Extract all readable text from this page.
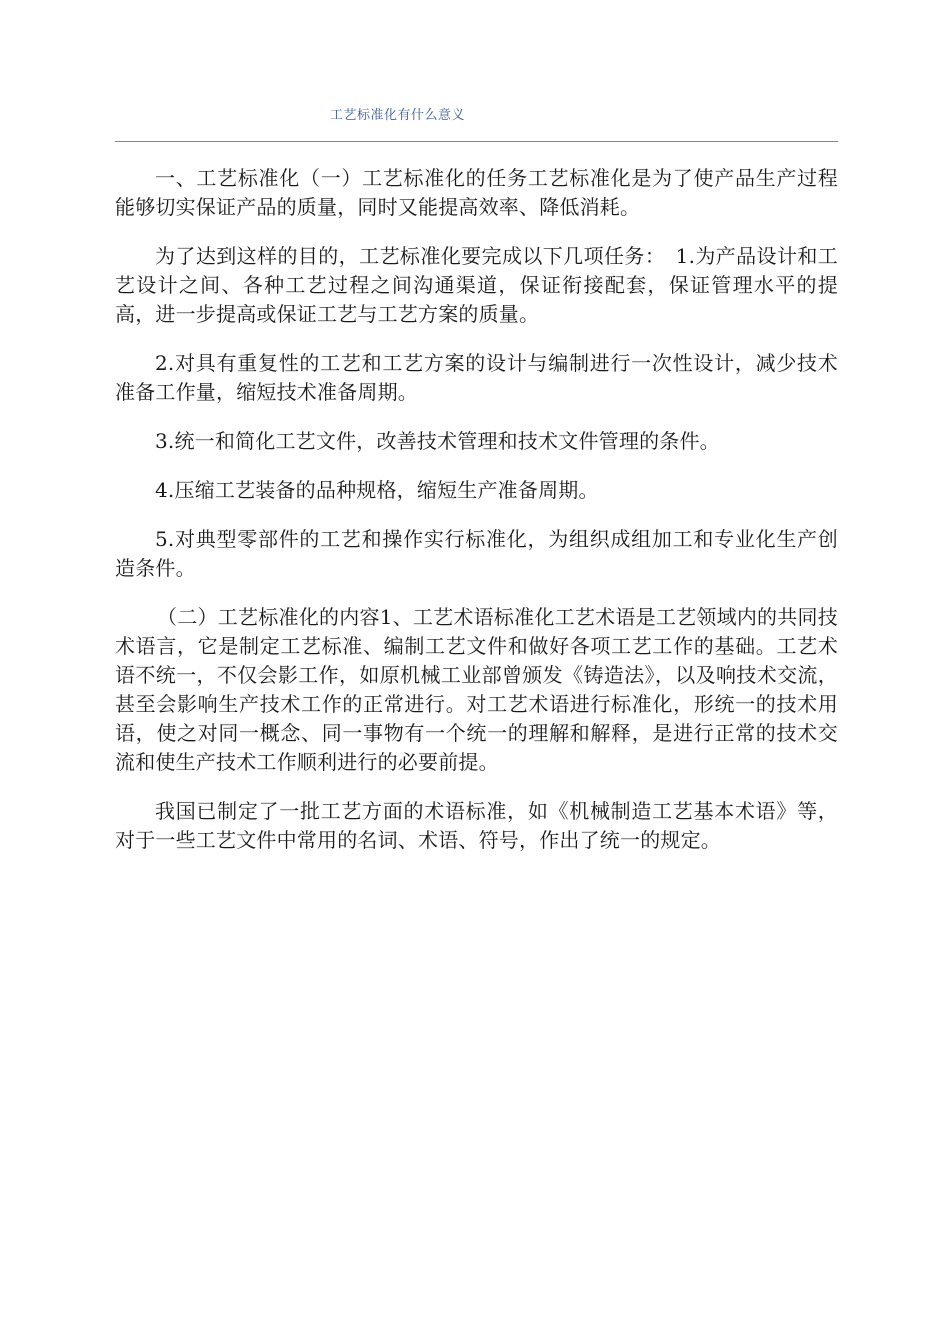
工艺标准化有什么意义

一、工艺标准化（一）工艺标准化的任务工艺标准化是为了使产品生产过程能够切实保证产品的质量，同时又能提高效率、降低消耗。

为了达到这样的目的，工艺标准化要完成以下几项任务：　1.为产品设计和工艺设计之间、各种工艺过程之间沟通渠道，保证衔接配套，保证管理水平的提高，进一步提高或保证工艺与工艺方案的质量。

2.对具有重复性的工艺和工艺方案的设计与编制进行一次性设计，减少技术准备工作量，缩短技术准备周期。

3.统一和简化工艺文件，改善技术管理和技术文件管理的条件。

4.压缩工艺装备的品种规格，缩短生产准备周期。

5.对典型零部件的工艺和操作实行标准化，为组织成组加工和专业化生产创造条件。

（二）工艺标准化的内容1、工艺术语标准化工艺术语是工艺领域内的共同技术语言，它是制定工艺标准、编制工艺文件和做好各项工艺工作的基础。工艺术语不统一，不仅会影工作，如原机械工业部曾颁发《铸造法》，以及响技术交流，甚至会影响生产技术工作的正常进行。对工艺术语进行标准化，形统一的技术用语，使之对同一概念、同一事物有一个统一的理解和解释，是进行正常的技术交流和使生产技术工作顺利进行的必要前提。

我国已制定了一批工艺方面的术语标准，如《机械制造工艺基本术语》等，对于一些工艺文件中常用的名词、术语、符号，作出了统一的规定。
